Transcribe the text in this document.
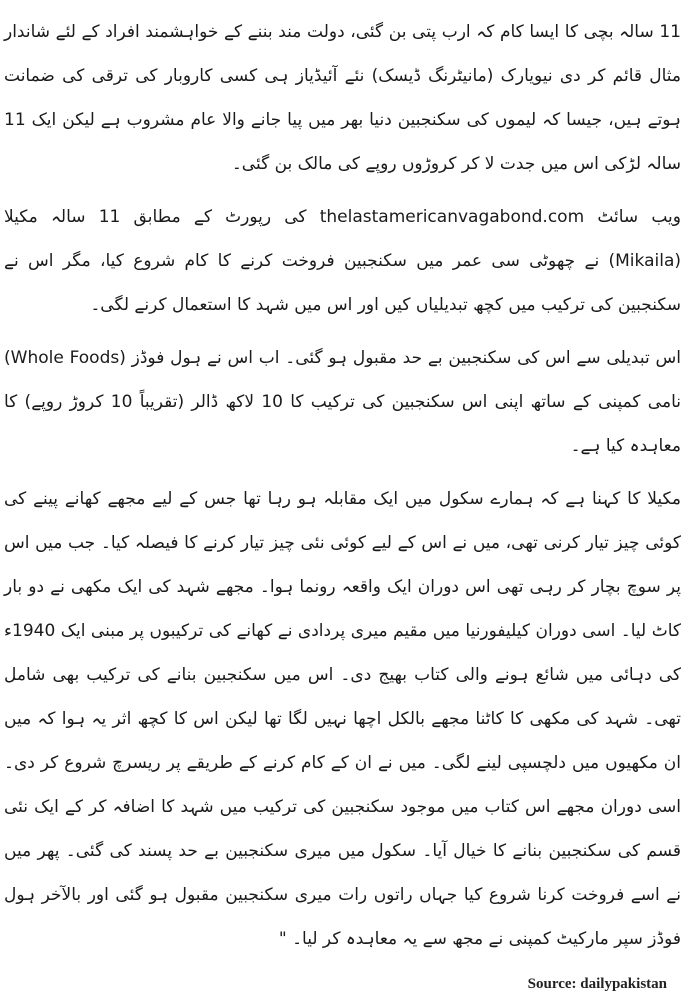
11 سالہ بچی کا ایسا کام کہ ارب پتی بن گئی، دولت مند بننے کے خواہشمند افراد کے لئے شاندار مثال قائم کر دی نیویارک (مانیٹرنگ ڈیسک) نئے آئیڈیاز ہی کسی کاروبار کی ترقی کی ضمانت ہوتے ہیں، جیسا کہ لیموں کی سکنجبین دنیا بھر میں پیا جانے والا عام مشروب ہے لیکن ایک 11 سالہ لڑکی اس میں جدت لا کر کروڑوں روپے کی مالک بن گئی۔

ویب سائٹ thelastamericanvagabond.com کی رپورٹ کے مطابق 11 سالہ مکیلا (Mikaila) نے چھوٹی سی عمر میں سکنجبین فروخت کرنے کا کام شروع کیا، مگر اس نے سکنجبین کی ترکیب میں کچھ تبدیلیاں کیں اور اس میں شہد کا استعمال کرنے لگی۔

اس تبدیلی سے اس کی سکنجبین بے حد مقبول ہو گئی۔ اب اس نے ہول فوڈز (Whole Foods) نامی کمپنی کے ساتھ اپنی اس سکنجبین کی ترکیب کا 10 لاکھ ڈالر (تقریباً 10 کروڑ روپے) کا معاہدہ کیا ہے۔

مکیلا کا کہنا ہے کہ ہمارے سکول میں ایک مقابلہ ہو رہا تھا جس کے لیے مجھے کھانے پینے کی کوئی چیز تیار کرنی تھی، میں نے اس کے لیے کوئی نئی چیز تیار کرنے کا فیصلہ کیا۔ جب میں اس پر سوچ بچار کر رہی تھی اس دوران ایک واقعہ رونما ہوا۔ مجھے شہد کی ایک مکھی نے دو بار کاٹ لیا۔ اسی دوران کیلیفورنیا میں مقیم میری پردادی نے کھانے کی ترکیبوں پر مبنی ایک 1940ء کی دہائی میں شائع ہونے والی کتاب بھیج دی۔ اس میں سکنجبین بنانے کی ترکیب بھی شامل تھی۔ شہد کی مکھی کا کاٹنا مجھے بالکل اچھا نہیں لگا تھا لیکن اس کا کچھ اثر یہ ہوا کہ میں ان مکھیوں میں دلچسپی لینے لگی۔ میں نے ان کے کام کرنے کے طریقے پر ریسرچ شروع کر دی۔ اسی دوران مجھے اس کتاب میں موجود سکنجبین کی ترکیب میں شہد کا اضافہ کر کے ایک نئی قسم کی سکنجبین بنانے کا خیال آیا۔ سکول میں میری سکنجبین بے حد پسند کی گئی۔ پھر میں نے اسے فروخت کرنا شروع کیا جہاں راتوں رات میری سکنجبین مقبول ہو گئی اور بالآخر ہول فوڈز سپر مارکیٹ کمپنی نے مجھ سے یہ معاہدہ کر لیا۔ "

Source: dailypakistan
